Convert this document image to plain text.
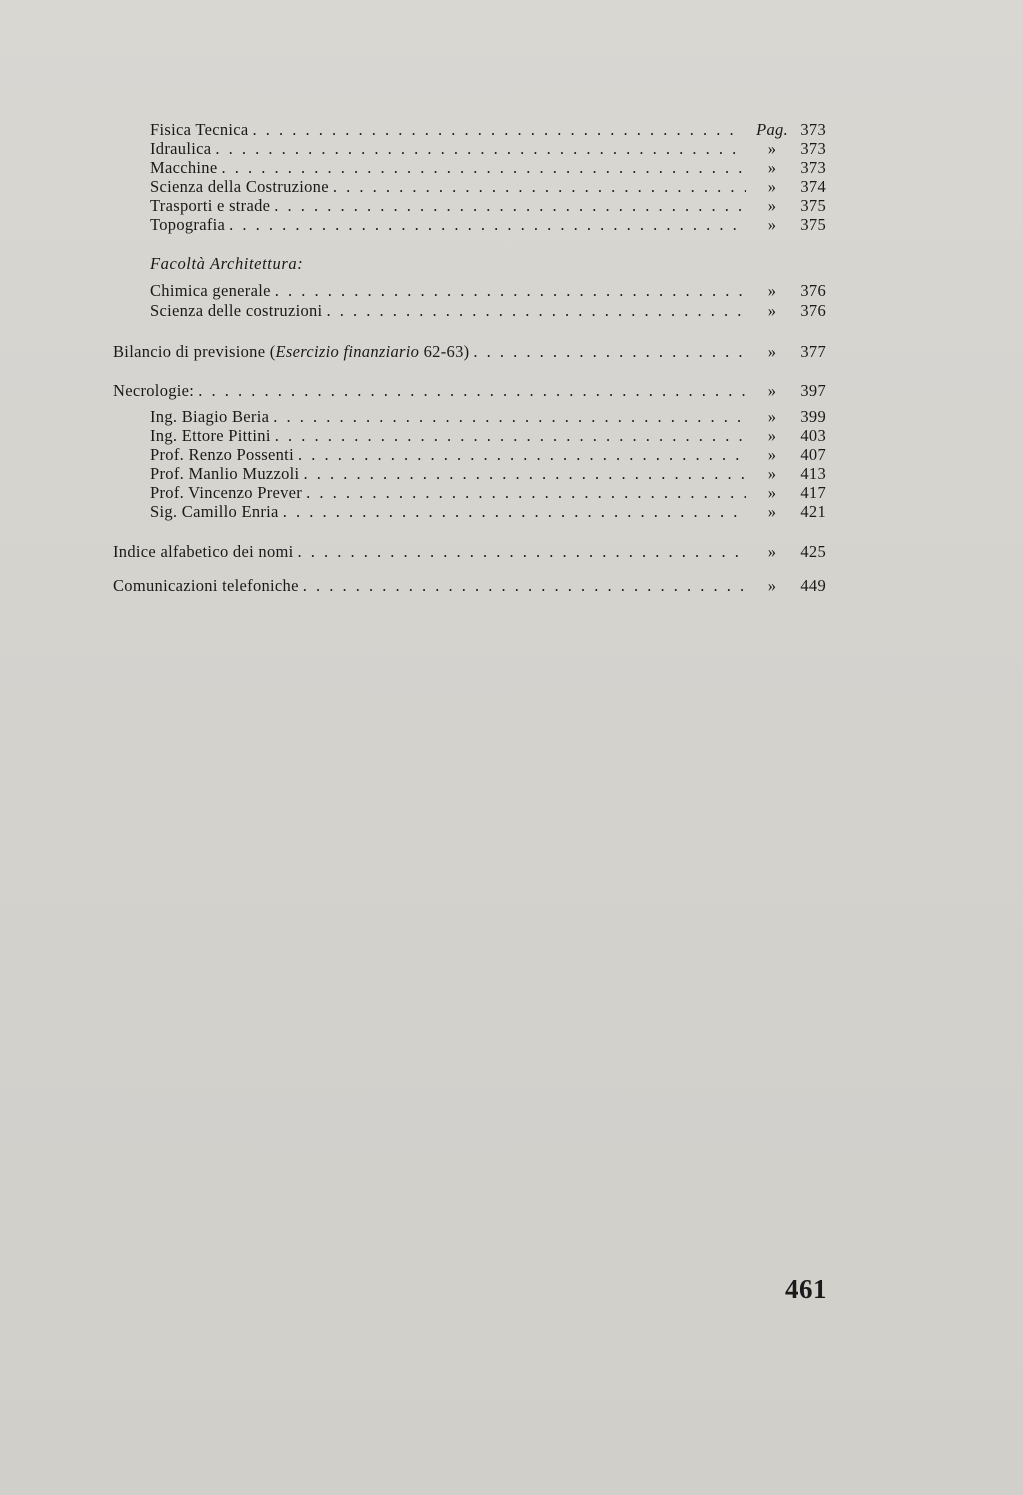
Fisica Tecnica . . .	Pag. 373
Idraulica . . .	»	373
Macchine . . .	»	373
Scienza della Costruzione . . .	»	374
Trasporti e strade . . .	»	375
Topografia . . .	»	375
Facoltà Architettura:
Chimica generale . . .	»	376
Scienza delle costruzioni . . .	»	376
Bilancio di previsione (Esercizio finanziario 62-63) . . .	»	377
Necrologie: . . .	»	397
Ing. Biagio Beria . . .	»	399
Ing. Ettore Pittini . . .	»	403
Prof. Renzo Possenti . . .	»	407
Prof. Manlio Muzzoli . . .	»	413
Prof. Vincenzo Prever . . .	»	417
Sig. Camillo Enria . . .	»	421
Indice alfabetico dei nomi . . .	»	425
Comunicazioni telefoniche . . .	»	449
461
